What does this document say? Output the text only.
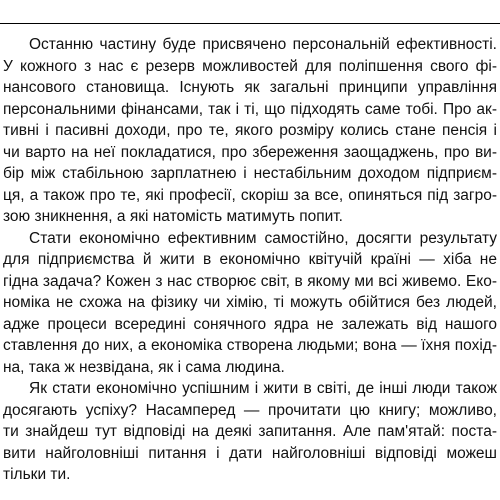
Останню частину буде присвячено персональній ефективності.
У кожного з нас є резерв можливостей для поліпшення свого фі-
нансового становища. Існують як загальні принципи управління
персональними фінансами, так і ті, що підходять саме тобі. Про ак-
тивні і пасивні доходи, про те, якого розміру колись стане пенсія і
чи варто на неї покладатися, про збереження заощаджень, про ви-
бір між стабільною зарплатнею і нестабільним доходом підприєм-
ця, а також про те, які професії, скоріш за все, опиняться під загро-
зою зникнення, а які натомість матимуть попит.
Стати економічно ефективним самостійно, досягти результату
для підприємства й жити в економічно квітучій країні — хіба не
гідна задача? Кожен з нас створює світ, в якому ми всі живемо. Еко-
номіка не схожа на фізику чи хімію, ті можуть обійтися без людей,
адже процеси всередині сонячного ядра не залежать від нашого
ставлення до них, а економіка створена людьми; вона — їхня похід-
на, така ж незвідана, як і сама людина.
Як стати економічно успішним і жити в світі, де інші люди також
досягають успіху? Насамперед — прочитати цю книгу; можливо,
ти знайдеш тут відповіді на деякі запитання. Але пам'ятай: поста-
вити найголовніші питання і дати найголовніші відповіді можеш
тільки ти.
